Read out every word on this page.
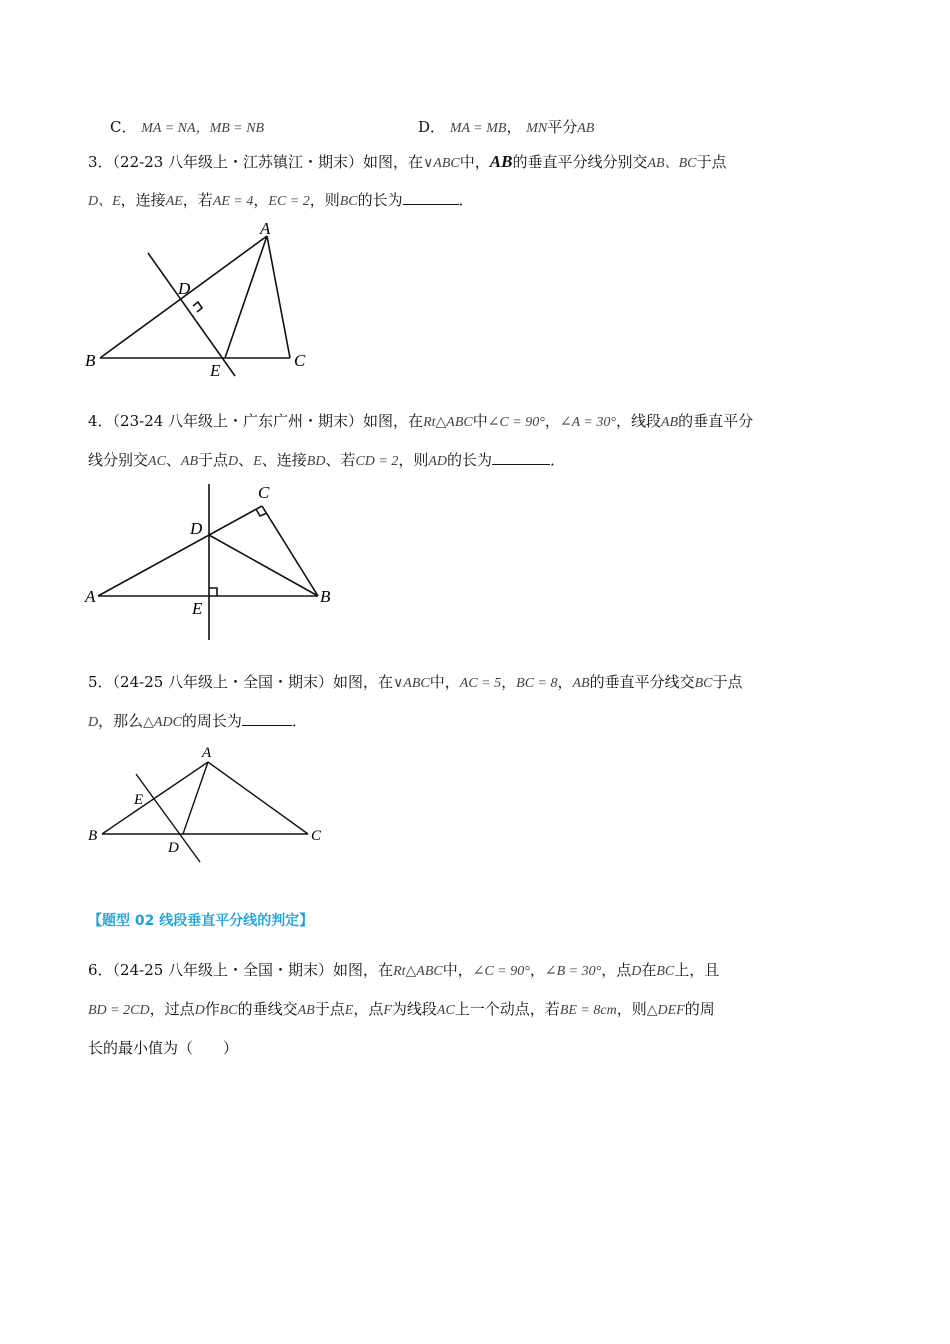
C． MA = NA，MB = NB	D． MA = MB， MN平分AB
3．（22-23 八年级上・江苏镇江・期末）如图，在∨ABC中，AB的垂直平分线分别交AB、BC于点
D、E，连接AE，若AE = 4，EC = 2，则BC的长为	．
A
B	C
D
E
4．（23-24 八年级上・广东广州・期末）如图，在Rt△ABC中∠C = 90°，∠A = 30°，线段AB的垂直平分
线分别交AC、AB于点D、E、连接BD、若CD = 2，则AD的长为	．
A	B
C
D
E
5．（24-25 八年级上・全国・期末）如图，在∨ABC中，AC = 5，BC = 8，AB的垂直平分线交BC于点
D，那么△ADC的周长为	．
A
B	C
D
E
【题型 02 线段垂直平分线的判定】
6．（24-25 八年级上・全国・期末）如图，在Rt△ABC中，∠C = 90°，∠B = 30°，点D在BC上，且
BD = 2CD，过点D作BC的垂线交AB于点E，点F为线段AC上一个动点，若BE = 8cm，则△DEF的周
长的最小值为（　　）
